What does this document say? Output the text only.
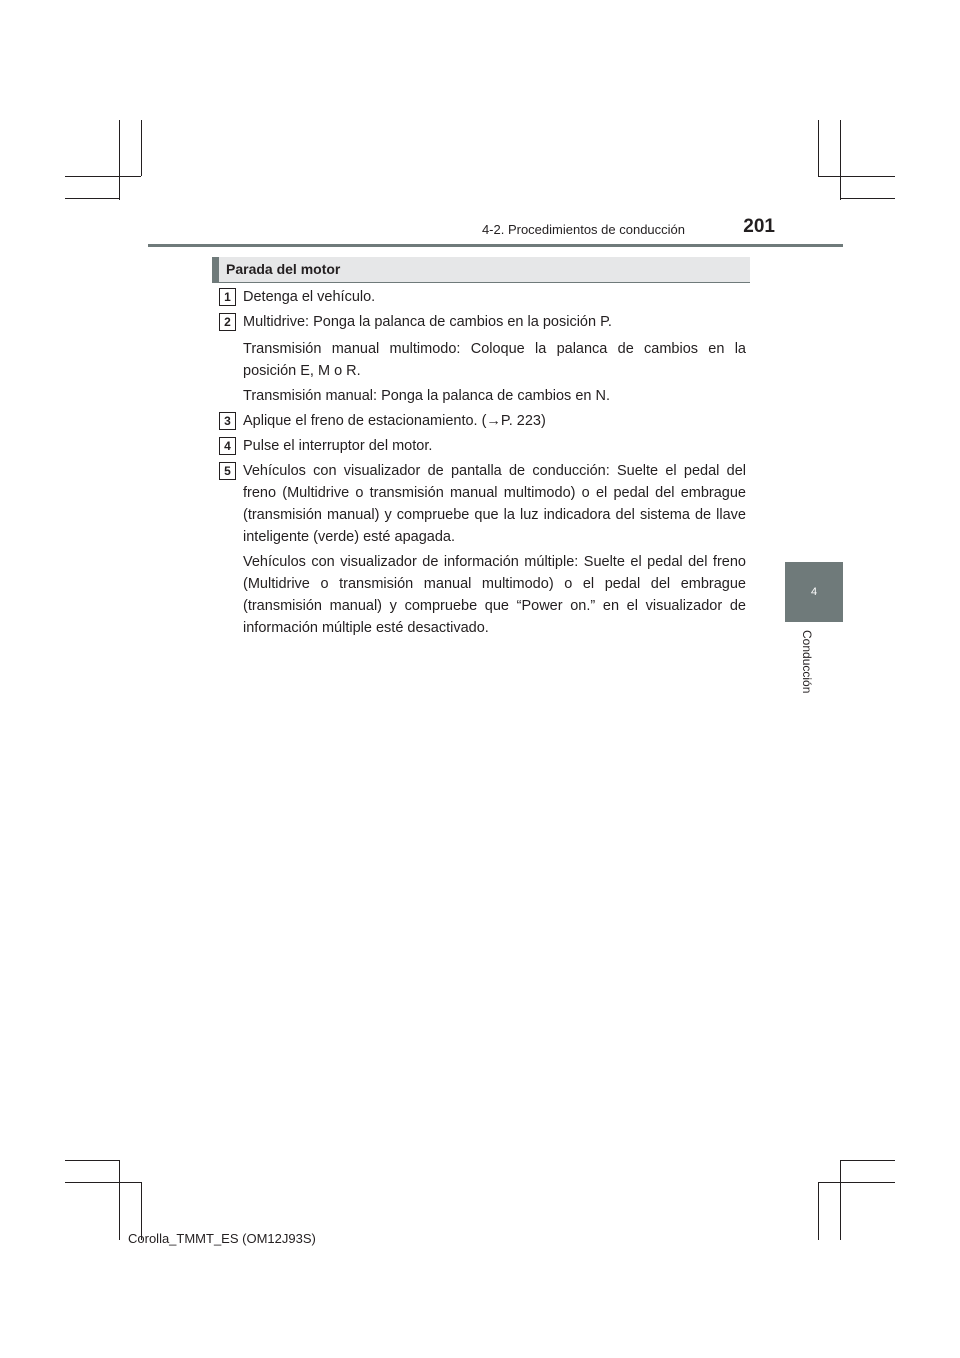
4-2. Procedimientos de conducción	201
4
Conducción
Parada del motor
1 Detenga el vehículo.
2 Multidrive: Ponga la palanca de cambios en la posición P.
Transmisión manual multimodo: Coloque la palanca de cambios en la posición E, M o R.
Transmisión manual: Ponga la palanca de cambios en N.
3 Aplique el freno de estacionamiento. (→P. 223)
4 Pulse el interruptor del motor.
5 Vehículos con visualizador de pantalla de conducción: Suelte el pedal del freno (Multidrive o transmisión manual multimodo) o el pedal del embrague (transmisión manual) y compruebe que la luz indicadora del sistema de llave inteligente (verde) esté apagada.
Vehículos con visualizador de información múltiple: Suelte el pedal del freno (Multidrive o transmisión manual multimodo) o el pedal del embrague (transmisión manual) y compruebe que “Power on.” en el visualizador de información múltiple esté desactivado.
Corolla_TMMT_ES (OM12J93S)
